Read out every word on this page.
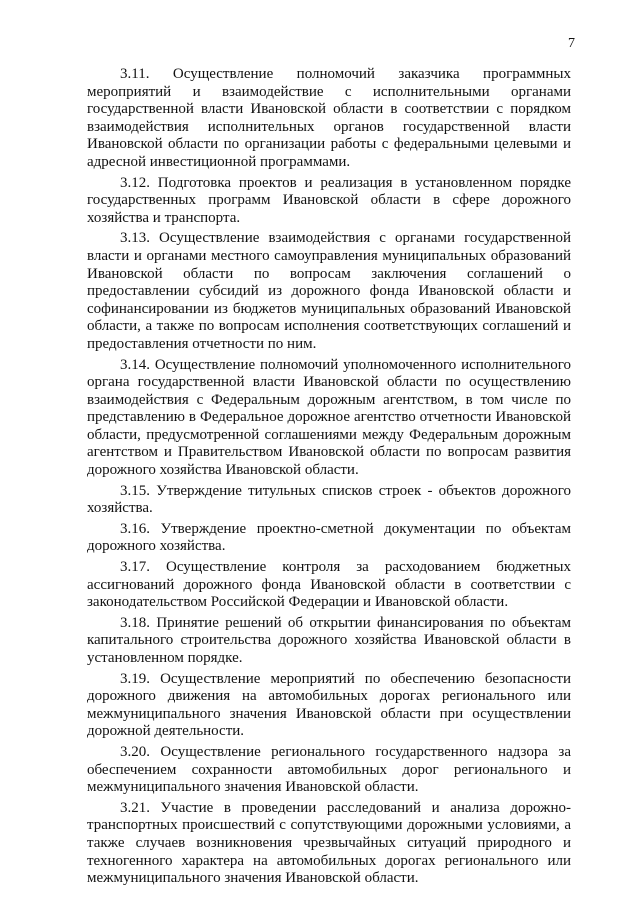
7

3.11. Осуществление полномочий заказчика программных мероприятий и взаимодействие с исполнительными органами государственной власти Ивановской области в соответствии с порядком взаимодействия исполнительных органов государственной власти Ивановской области по организации работы с федеральными целевыми и адресной инвестиционной программами.

3.12. Подготовка проектов и реализация в установленном порядке государственных программ Ивановской области в сфере дорожного хозяйства и транспорта.

3.13. Осуществление взаимодействия с органами государственной власти и органами местного самоуправления муниципальных образований Ивановской области по вопросам заключения соглашений о предоставлении субсидий из дорожного фонда Ивановской области и софинансировании из бюджетов муниципальных образований Ивановской области, а также по вопросам исполнения соответствующих соглашений и предоставления отчетности по ним.

3.14. Осуществление полномочий уполномоченного исполнительного органа государственной власти Ивановской области по осуществлению взаимодействия с Федеральным дорожным агентством, в том числе по представлению в Федеральное дорожное агентство отчетности Ивановской области, предусмотренной соглашениями между Федеральным дорожным агентством и Правительством Ивановской области по вопросам развития дорожного хозяйства Ивановской области.

3.15. Утверждение титульных списков строек - объектов дорожного хозяйства.

3.16. Утверждение проектно-сметной документации по объектам дорожного хозяйства.

3.17. Осуществление контроля за расходованием бюджетных ассигнований дорожного фонда Ивановской области в соответствии с законодательством Российской Федерации и Ивановской области.

3.18. Принятие решений об открытии финансирования по объектам капитального строительства дорожного хозяйства Ивановской области в установленном порядке.

3.19. Осуществление мероприятий по обеспечению безопасности дорожного движения на автомобильных дорогах регионального или межмуниципального значения Ивановской области при осуществлении дорожной деятельности.

3.20. Осуществление регионального государственного надзора за обеспечением сохранности автомобильных дорог регионального и межмуниципального значения Ивановской области.

3.21. Участие в проведении расследований и анализа дорожно-транспортных происшествий с сопутствующими дорожными условиями, а также случаев возникновения чрезвычайных ситуаций природного и техногенного характера на автомобильных дорогах регионального или межмуниципального значения Ивановской области.
